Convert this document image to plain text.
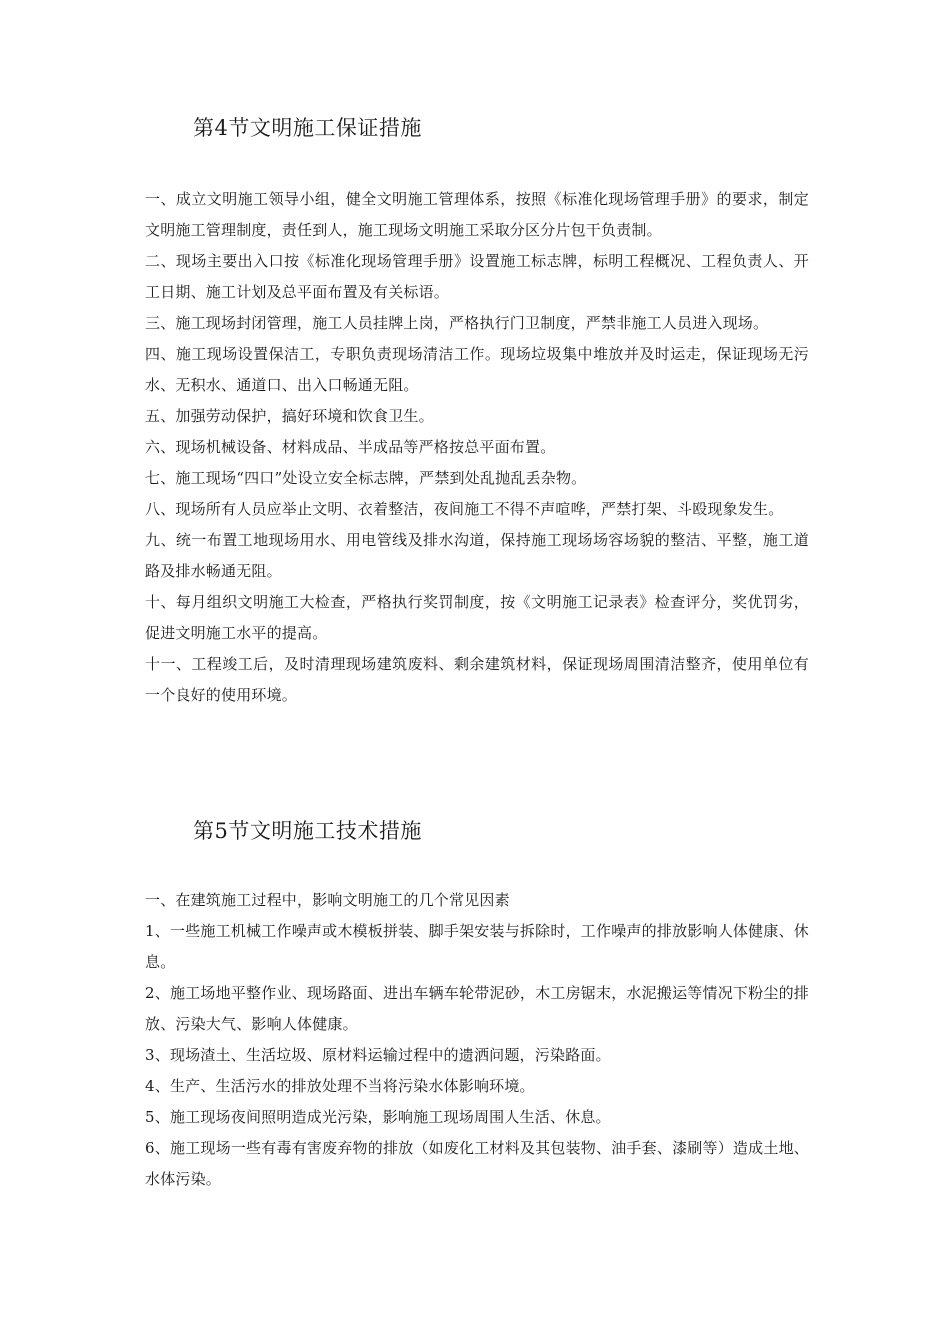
第4节文明施工保证措施

一、成立文明施工领导小组，健全文明施工管理体系，按照《标准化现场管理手册》的要求，制定文明施工管理制度，责任到人，施工现场文明施工采取分区分片包干负责制。

二、现场主要出入口按《标准化现场管理手册》设置施工标志牌，标明工程概况、工程负责人、开工日期、施工计划及总平面布置及有关标语。

三、施工现场封闭管理，施工人员挂牌上岗，严格执行门卫制度，严禁非施工人员进入现场。

四、施工现场设置保洁工，专职负责现场清洁工作。现场垃圾集中堆放并及时运走，保证现场无污水、无积水、通道口、出入口畅通无阻。

五、加强劳动保护，搞好环境和饮食卫生。

六、现场机械设备、材料成品、半成品等严格按总平面布置。

七、施工现场“四口”处设立安全标志牌，严禁到处乱抛乱丢杂物。

八、现场所有人员应举止文明、衣着整洁，夜间施工不得不声喧哗，严禁打架、斗殴现象发生。

九、统一布置工地现场用水、用电管线及排水沟道，保持施工现场场容场貌的整洁、平整，施工道路及排水畅通无阻。

十、每月组织文明施工大检查，严格执行奖罚制度，按《文明施工记录表》检查评分，奖优罚劣，促进文明施工水平的提高。

十一、工程竣工后，及时清理现场建筑废料、剩余建筑材料，保证现场周围清洁整齐，使用单位有一个良好的使用环境。

第5节文明施工技术措施

一、在建筑施工过程中，影响文明施工的几个常见因素

1、一些施工机械工作噪声或木模板拼装、脚手架安装与拆除时，工作噪声的排放影响人体健康、休息。

2、施工场地平整作业、现场路面、进出车辆车轮带泥砂，木工房锯末，水泥搬运等情况下粉尘的排放、污染大气、影响人体健康。

3、现场渣土、生活垃圾、原材料运输过程中的遗洒问题，污染路面。

4、生产、生活污水的排放处理不当将污染水体影响环境。

5、施工现场夜间照明造成光污染，影响施工现场周围人生活、休息。

6、施工现场一些有毒有害废弃物的排放（如废化工材料及其包装物、油手套、漆刷等）造成土地、水体污染。
